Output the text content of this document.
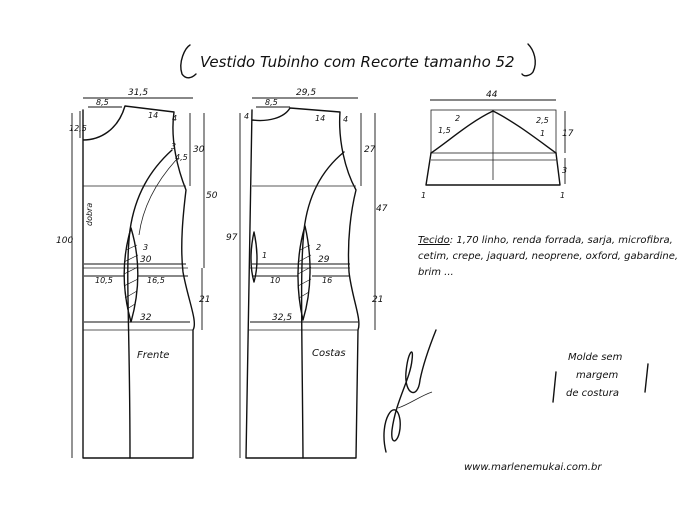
Vestido Tubinho com Recorte tamanho 52
31,5
8,5
12,5
14 4
30
50
100
dobra
3
4,5
3
30
10,5	16,5
21
32
Frente
29,5
8,5
4	14 4
27
47
97
1
2
29
10	16
21
32,5
Costas
44
2	2,5
1,5	1 17
3
1	1
Tecido: 1,70 linho, renda forrada, sarja, microfibra, cetim, crepe, jaquard, neoprene, oxford, gabardine, brim ...
Molde sem
margem
de costura
www.marlenemukai.com.br
